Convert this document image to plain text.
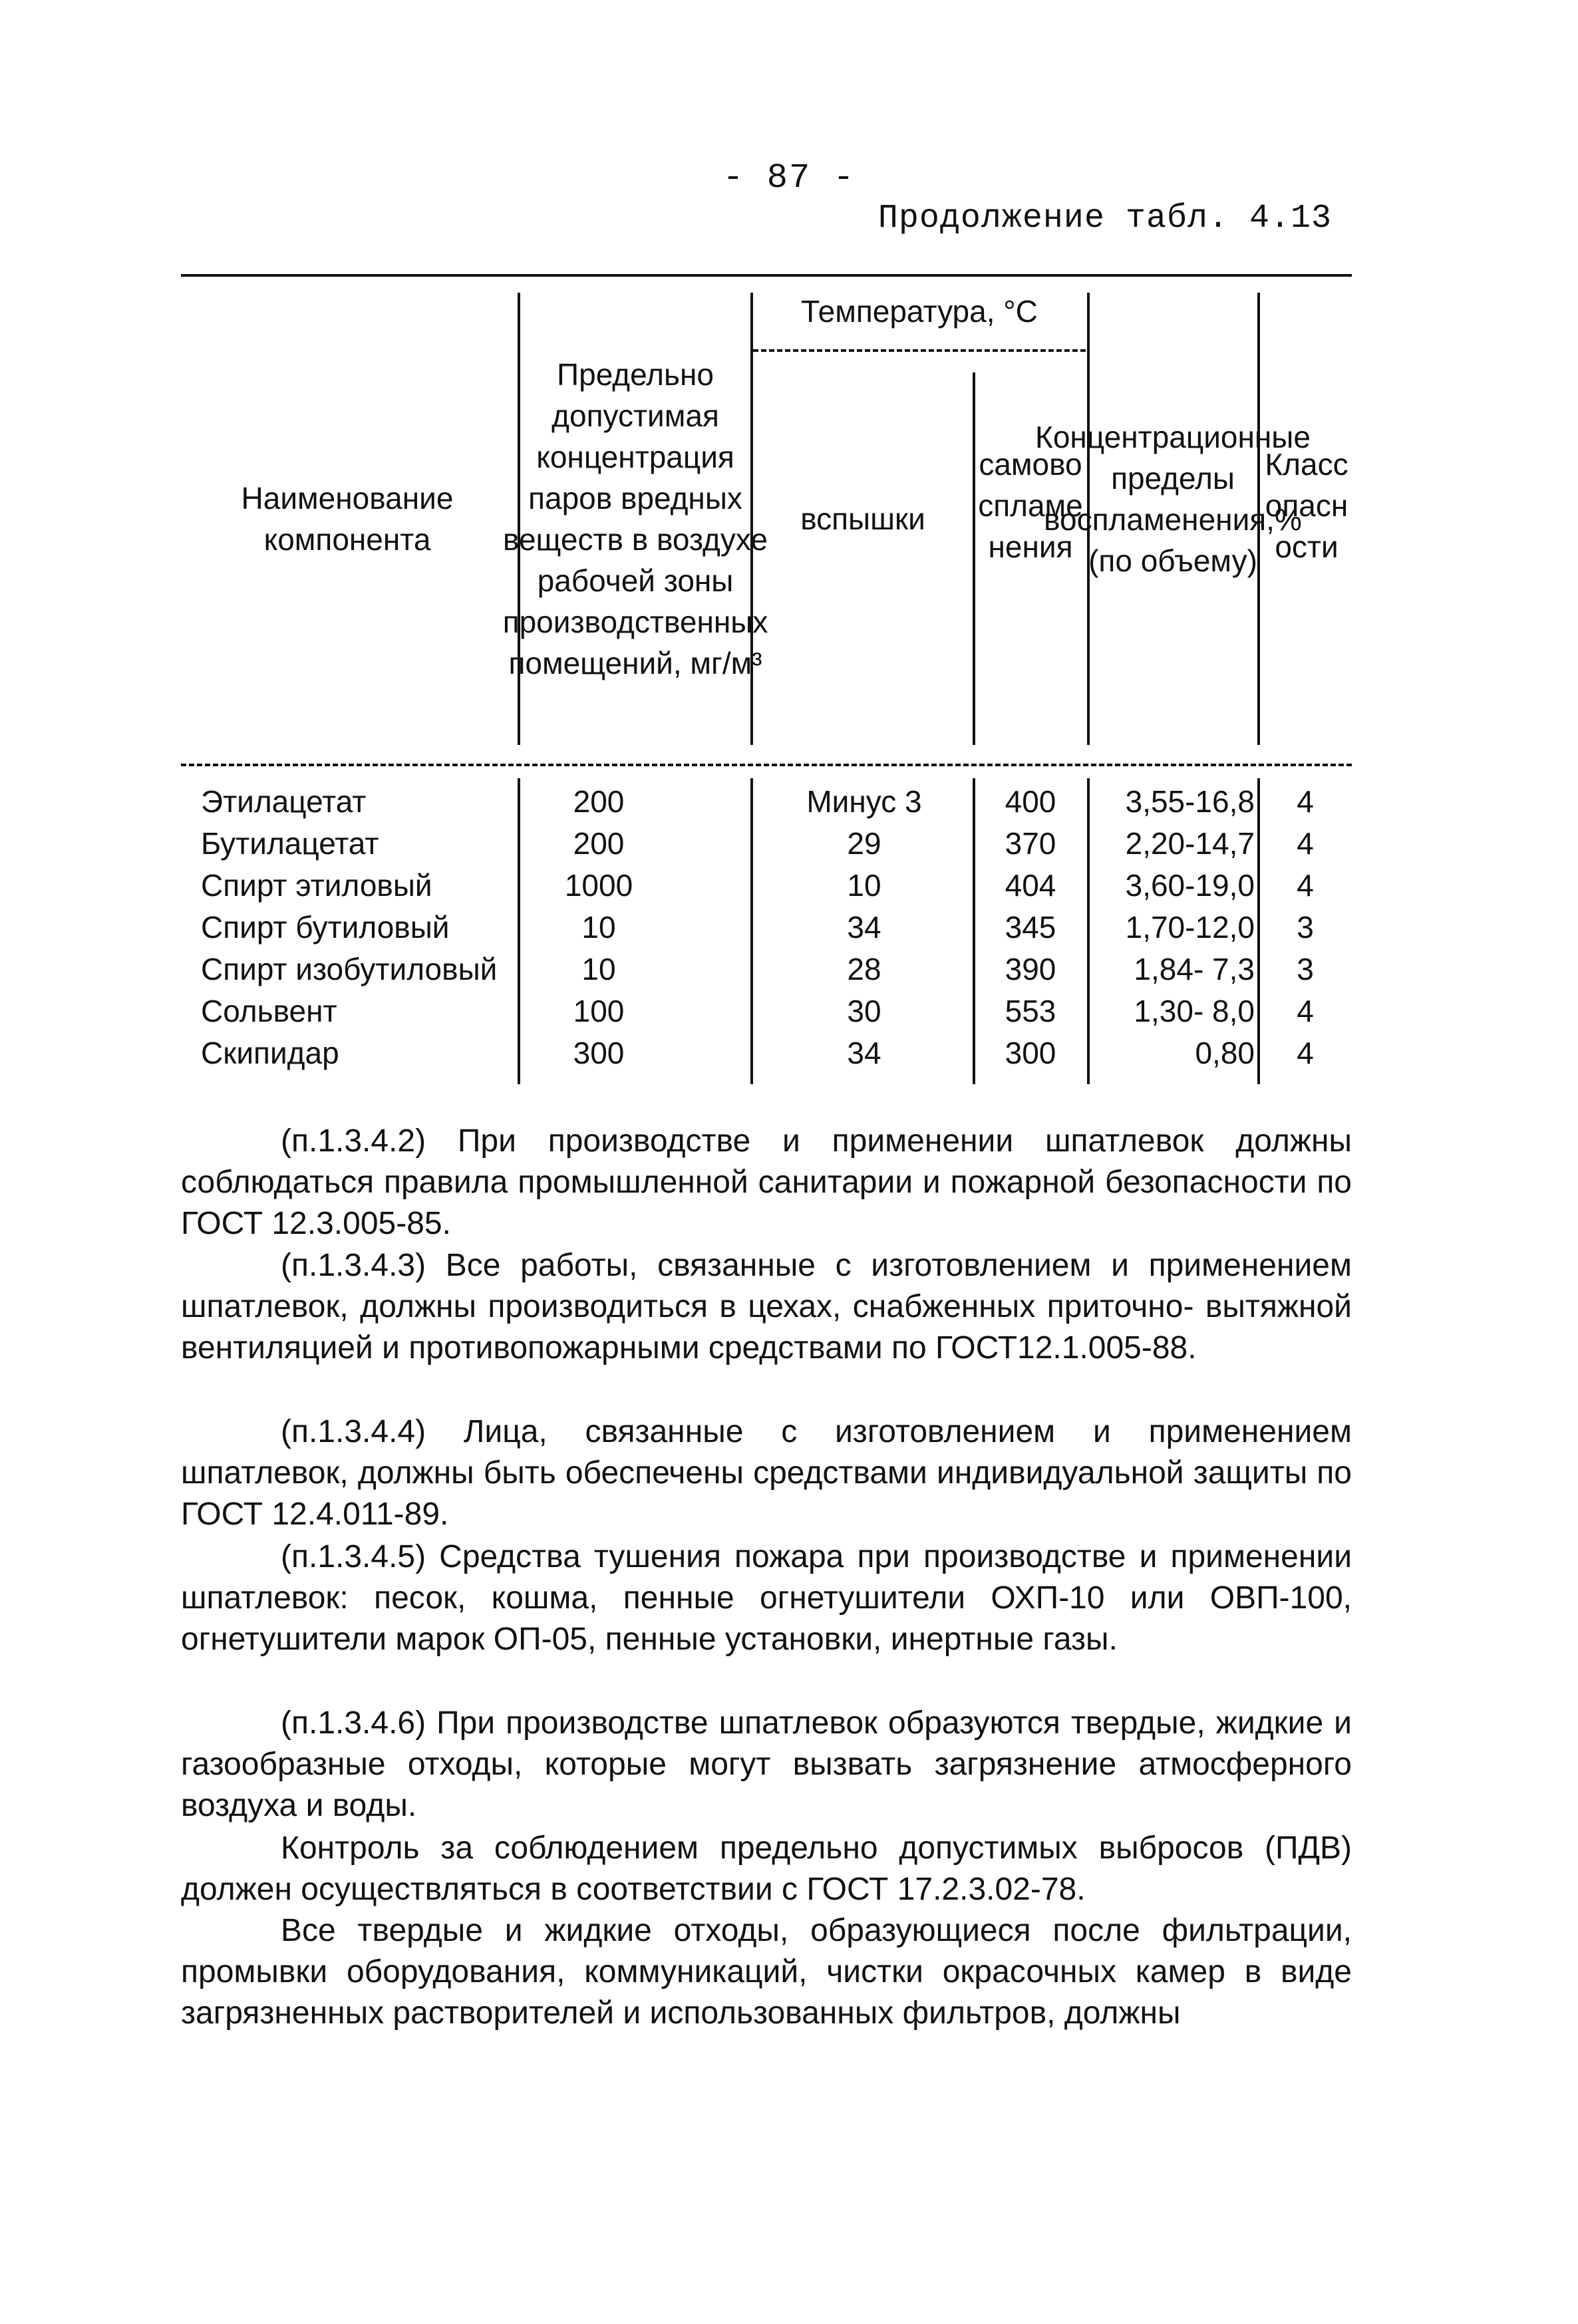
- 87 -
Продолжение табл. 4.13
Наименование компонента
Предельно допустимая концентрация паров вредных веществ в воздухе рабочей зоны производственных помещений, мг/м³
Температура, °С
вспышки
самовоспламенения
Концентрационные пределы воспламенения,% (по объему)
Класс опасности
Этилацетат	200	Минус 3	400	3,55-16,8	4
Бутилацетат	200	29	370	2,20-14,7	4
Спирт этиловый	1000	10	404	3,60-19,0	4
Спирт бутиловый	10	34	345	1,70-12,0	3
Спирт изобутиловый	10	28	390	1,84- 7,3	3
Сольвент	100	30	553	1,30- 8,0	4
Скипидар	300	34	300	0,80	4
(п.1.3.4.2) При производстве и применении шпатлевок должны соблюдаться правила промышленной санитарии и пожарной безопасности по ГОСТ 12.3.005-85.
(п.1.3.4.3) Все работы, связанные с изготовлением и применением шпатлевок, должны производиться в цехах, снабженных приточно- вытяжной вентиляцией и противопожарными средствами по ГОСТ12.1.005-88.
(п.1.3.4.4) Лица, связанные с изготовлением и применением шпатлевок, должны быть обеспечены средствами индивидуальной защиты по ГОСТ 12.4.011-89.
(п.1.3.4.5) Средства тушения пожара при производстве и применении шпатлевок: песок, кошма, пенные огнетушители ОХП-10 или ОВП-100, огнетушители марок ОП-05, пенные установки, инертные газы.
(п.1.3.4.6) При производстве шпатлевок образуются твердые, жидкие и газообразные отходы, которые могут вызвать загрязнение атмосферного воздуха и воды.
Контроль за соблюдением предельно допустимых выбросов (ПДВ) должен осуществляться в соответствии с ГОСТ 17.2.3.02-78.
Все твердые и жидкие отходы, образующиеся после фильтрации, промывки оборудования, коммуникаций, чистки окрасочных камер в виде загрязненных растворителей и использованных фильтров, должны
